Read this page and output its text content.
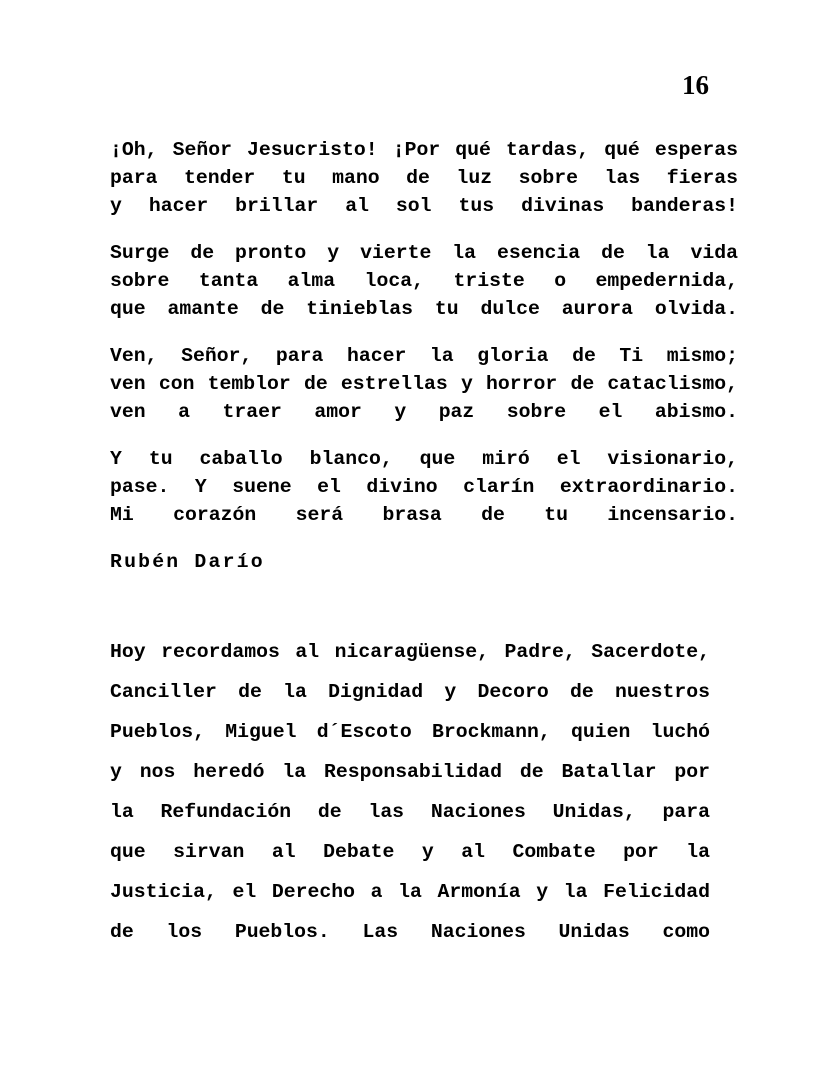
16
¡Oh, Señor Jesucristo! ¡Por qué tardas, qué esperas
para tender tu mano de luz sobre las fieras
y hacer brillar al sol tus divinas banderas!
Surge de pronto y vierte la esencia de la vida
sobre tanta alma loca, triste o empedernida,
que amante de tinieblas tu dulce aurora olvida.
Ven, Señor, para hacer la gloria de Ti mismo;
ven con temblor de estrellas y horror de cataclismo,
ven a traer amor y paz sobre el abismo.
Y tu caballo blanco, que miró el visionario,
pase. Y suene el divino clarín extraordinario.
Mi corazón será brasa de tu incensario.
Rubén Darío
Hoy recordamos al nicaragüense, Padre, Sacerdote,
Canciller de la Dignidad y Decoro de nuestros
Pueblos, Miguel d´Escoto Brockmann, quien luchó
y nos heredó la Responsabilidad de Batallar por
la Refundación de las Naciones Unidas, para
que sirvan al Debate y al Combate por la
Justicia, el Derecho a la Armonía y la Felicidad
de los Pueblos. Las Naciones Unidas como
